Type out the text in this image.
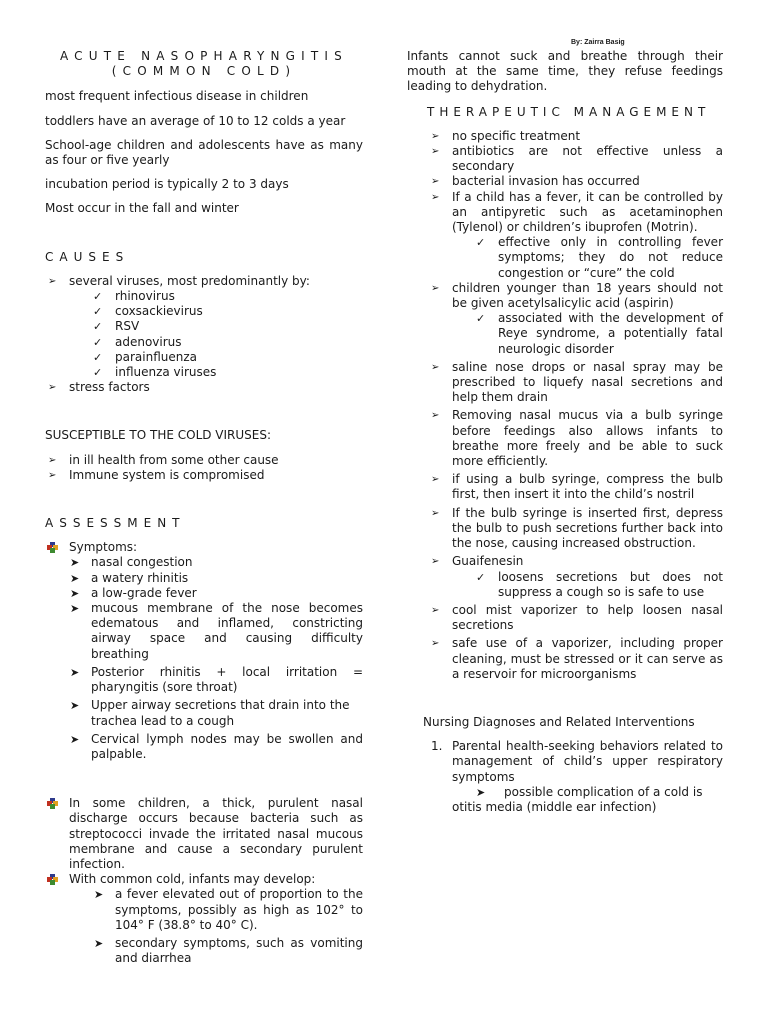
By: Zairra Basig
ACUTE NASOPHARYNGITIS
(COMMON COLD)

most frequent infectious disease in children

toddlers have an average of 10 to 12 colds a year

School-age children and adolescents have as many as four or five yearly

incubation period is typically 2 to 3 days

Most occur in the fall and winter

CAUSES
➢ several viruses, most predominantly by:
✓ rhinovirus
✓ coxsackievirus
✓ RSV
✓ adenovirus
✓ parainfluenza
✓ influenza viruses
➢ stress factors
SUSCEPTIBLE TO THE COLD VIRUSES:
➢ in ill health from some other cause
➢ Immune system is compromised
ASSESSMENT
Symptoms:
➤ nasal congestion
➤ a watery rhinitis
➤ a low-grade fever
➤ mucous membrane of the nose becomes edematous and inflamed, constricting airway space and causing difficulty breathing
➤ Posterior rhinitis + local irritation = pharyngitis (sore throat)
➤ Upper airway secretions that drain into the trachea lead to a cough
➤ Cervical lymph nodes may be swollen and palpable.
In some children, a thick, purulent nasal discharge occurs because bacteria such as streptococci invade the irritated nasal mucous membrane and cause a secondary purulent infection.
With common cold, infants may develop:
➤ a fever elevated out of proportion to the symptoms, possibly as high as 102° to 104° F (38.8° to 40° C).
➤ secondary symptoms, such as vomiting and diarrhea

Infants cannot suck and breathe through their mouth at the same time, they refuse feedings leading to dehydration.

THERAPEUTIC MANAGEMENT
➢ no specific treatment
➢ antibiotics are not effective unless a secondary
➢ bacterial invasion has occurred
➢ If a child has a fever, it can be controlled by an antipyretic such as acetaminophen (Tylenol) or children’s ibuprofen (Motrin).
✓ effective only in controlling fever symptoms; they do not reduce congestion or “cure” the cold
➢ children younger than 18 years should not be given acetylsalicylic acid (aspirin)
✓ associated with the development of Reye syndrome, a potentially fatal neurologic disorder
➢ saline nose drops or nasal spray may be prescribed to liquefy nasal secretions and help them drain
➢ Removing nasal mucus via a bulb syringe before feedings also allows infants to breathe more freely and be able to suck more efficiently.
➢ if using a bulb syringe, compress the bulb first, then insert it into the child’s nostril
➢ If the bulb syringe is inserted first, depress the bulb to push secretions further back into the nose, causing increased obstruction.
➢ Guaifenesin
✓ loosens secretions but does not suppress a cough so is safe to use
➢ cool mist vaporizer to help loosen nasal secretions
➢ safe use of a vaporizer, including proper cleaning, must be stressed or it can serve as a reservoir for microorganisms
Nursing Diagnoses and Related Interventions
1. Parental health-seeking behaviors related to management of child’s upper respiratory symptoms
➤ possible complication of a cold is
otitis media (middle ear infection)
